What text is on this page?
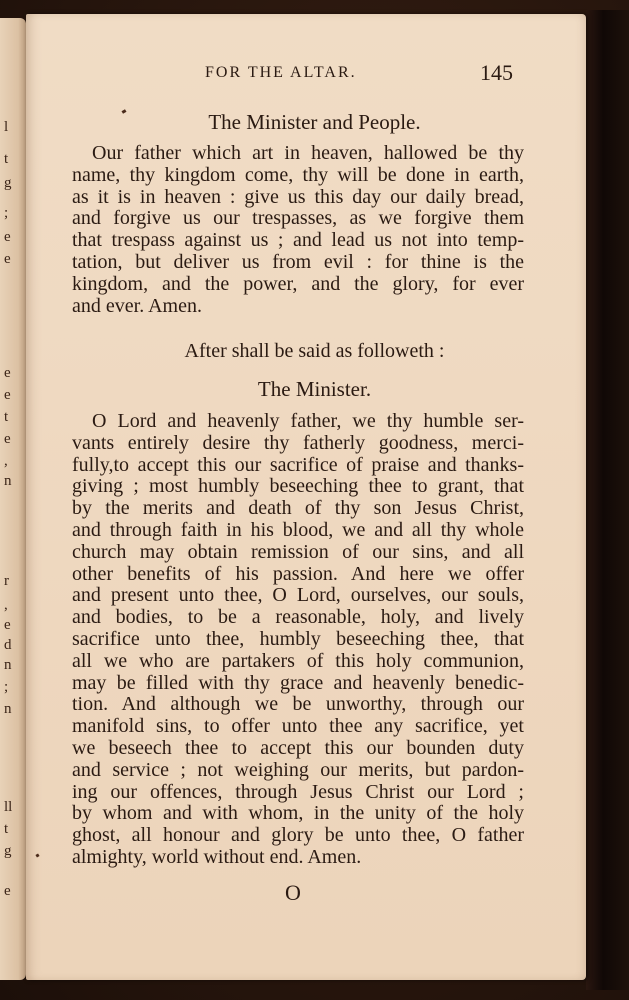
l
t
g
;
e
e
e
e
t
e
,
n
r
,
e
d
n
;
n
ll
t
g
e
FOR THE ALTAR.	145
The Minister and People.
Our father which art in heaven, hallowed be thy
name, thy kingdom come, thy will be done in earth,
as it is in heaven : give us this day our daily bread,
and forgive us our trespasses, as we forgive them
that trespass against us ; and lead us not into temp-
tation, but deliver us from evil : for thine is the
kingdom, and the power, and the glory, for ever
and ever. Amen.
After shall be said as followeth :
The Minister.
O Lord and heavenly father, we thy humble ser-
vants entirely desire thy fatherly goodness, merci-
fully,to accept this our sacrifice of praise and thanks-
giving ; most humbly beseeching thee to grant, that
by the merits and death of thy son Jesus Christ,
and through faith in his blood, we and all thy whole
church may obtain remission of our sins, and all
other benefits of his passion. And here we offer
and present unto thee, O Lord, ourselves, our souls,
and bodies, to be a reasonable, holy, and lively
sacrifice unto thee, humbly beseeching thee, that
all we who are partakers of this holy communion,
may be filled with thy grace and heavenly benedic-
tion. And although we be unworthy, through our
manifold sins, to offer unto thee any sacrifice, yet
we beseech thee to accept this our bounden duty
and service ; not weighing our merits, but pardon-
ing our offences, through Jesus Christ our Lord ;
by whom and with whom, in the unity of the holy
ghost, all honour and glory be unto thee, O father
almighty, world without end. Amen.
O
